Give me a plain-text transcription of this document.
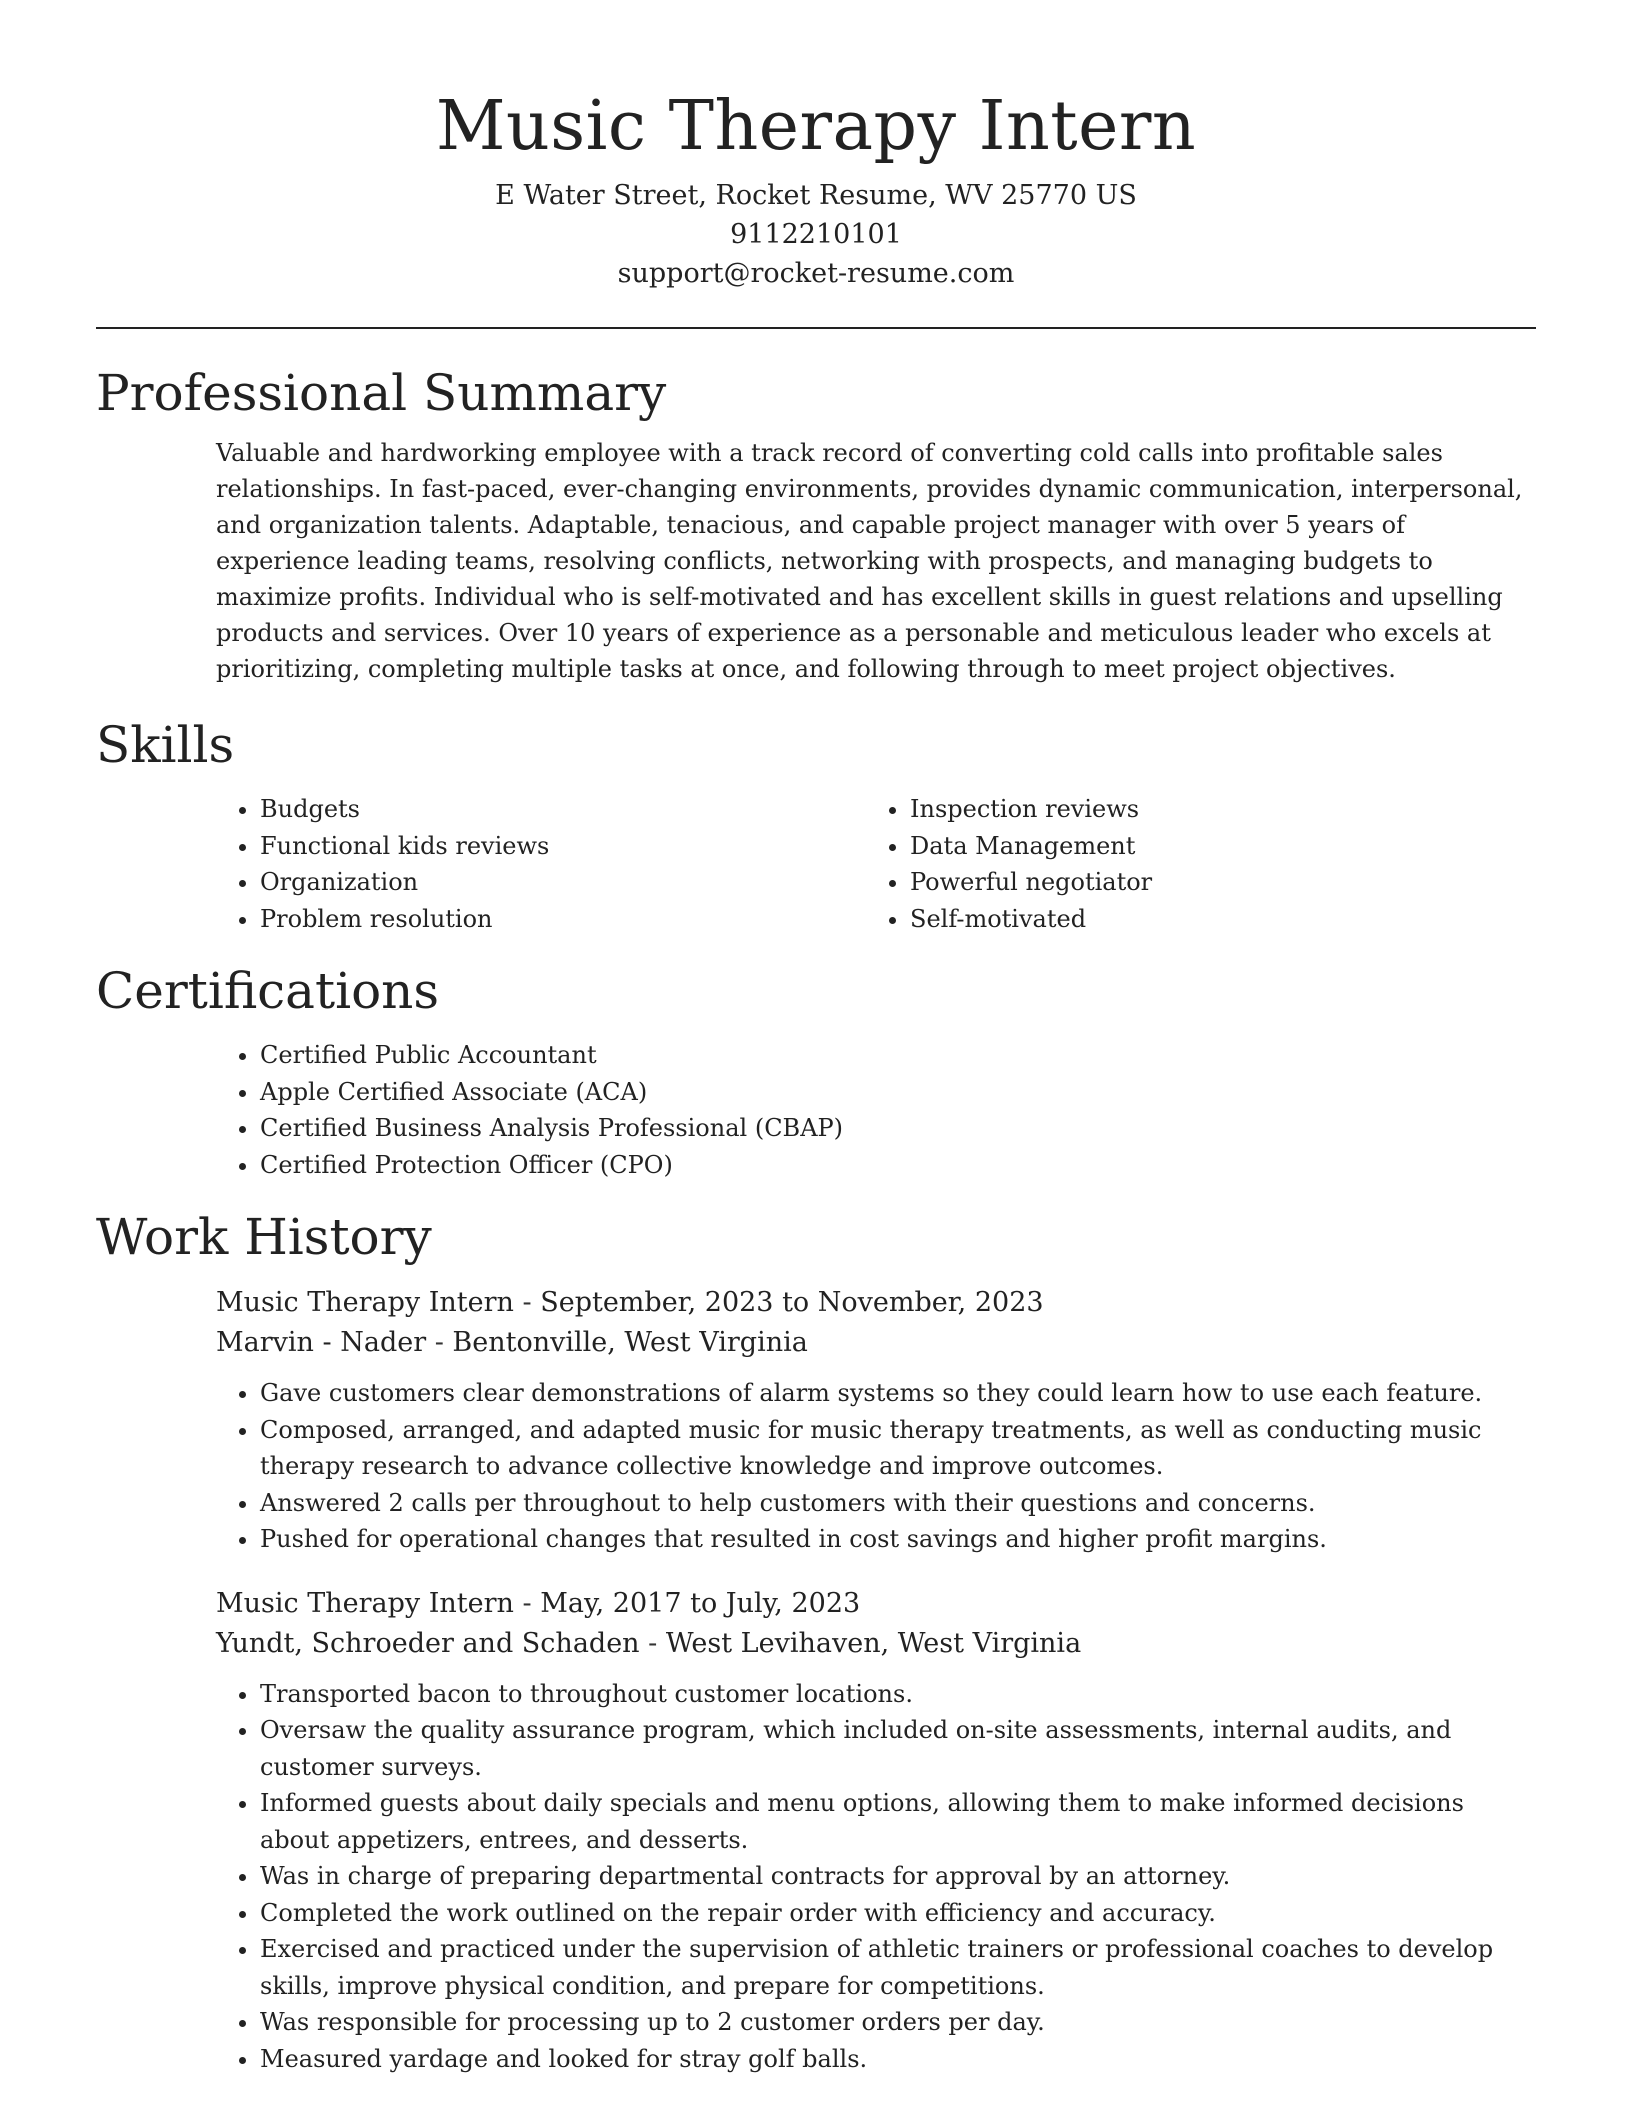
Music Therapy Intern
E Water Street, Rocket Resume, WV 25770 US
9112210101
support@rocket-resume.com
Professional Summary

Valuable and hardworking employee with a track record of converting cold calls into profitable sales relationships. In fast-paced, ever-changing environments, provides dynamic communication, interpersonal, and organization talents. Adaptable, tenacious, and capable project manager with over 5 years of experience leading teams, resolving conflicts, networking with prospects, and managing budgets to maximize profits. Individual who is self-motivated and has excellent skills in guest relations and upselling products and services. Over 10 years of experience as a personable and meticulous leader who excels at prioritizing, completing multiple tasks at once, and following through to meet project objectives.

Skills
• Budgets
• Functional kids reviews
• Organization
• Problem resolution
• Inspection reviews
• Data Management
• Powerful negotiator
• Self-motivated
Certifications
• Certified Public Accountant
• Apple Certified Associate (ACA)
• Certified Business Analysis Professional (CBAP)
• Certified Protection Officer (CPO)
Work History
Music Therapy Intern - September, 2023 to November, 2023
Marvin - Nader - Bentonville, West Virginia
• Gave customers clear demonstrations of alarm systems so they could learn how to use each feature.
• Composed, arranged, and adapted music for music therapy treatments, as well as conducting music therapy research to advance collective knowledge and improve outcomes.
• Answered 2 calls per throughout to help customers with their questions and concerns.
• Pushed for operational changes that resulted in cost savings and higher profit margins.
Music Therapy Intern - May, 2017 to July, 2023
Yundt, Schroeder and Schaden - West Levihaven, West Virginia
• Transported bacon to throughout customer locations.
• Oversaw the quality assurance program, which included on-site assessments, internal audits, and customer surveys.
• Informed guests about daily specials and menu options, allowing them to make informed decisions about appetizers, entrees, and desserts.
• Was in charge of preparing departmental contracts for approval by an attorney.
• Completed the work outlined on the repair order with efficiency and accuracy.
• Exercised and practiced under the supervision of athletic trainers or professional coaches to develop skills, improve physical condition, and prepare for competitions.
• Was responsible for processing up to 2 customer orders per day.
• Measured yardage and looked for stray golf balls.
